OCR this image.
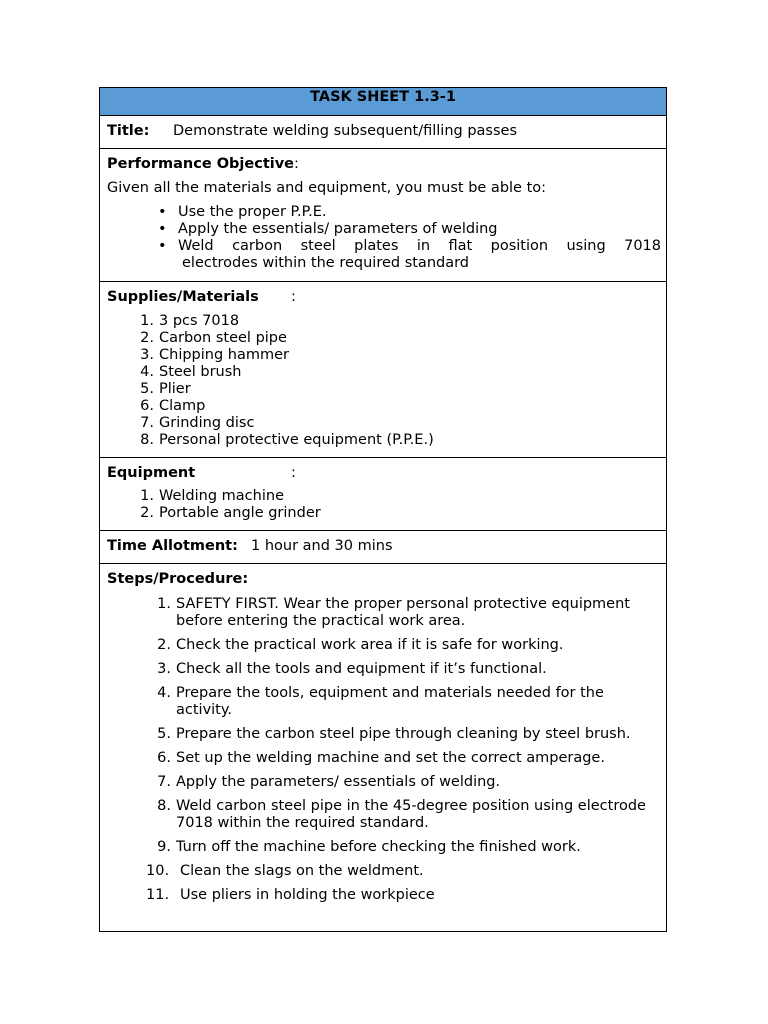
TASK SHEET 1.3-1
Title: Demonstrate welding subsequent/filling passes
Performance Objective:
Given all the materials and equipment, you must be able to:
• Use the proper P.P.E.
• Apply the essentials/ parameters of welding
• Weld carbon steel plates in flat position using 7018
electrodes within the required standard
Supplies/Materials :
1. 3 pcs 7018
2. Carbon steel pipe
3. Chipping hammer
4. Steel brush
5. Plier
6. Clamp
7. Grinding disc
8. Personal protective equipment (P.P.E.)
Equipment	:
1. Welding machine
2. Portable angle grinder
Time Allotment: 1 hour and 30 mins
Steps/Procedure:
1. SAFETY FIRST. Wear the proper personal protective equipment before entering the practical work area.
2. Check the practical work area if it is safe for working.
3. Check all the tools and equipment if it’s functional.
4. Prepare the tools, equipment and materials needed for the activity.
5. Prepare the carbon steel pipe through cleaning by steel brush.
6. Set up the welding machine and set the correct amperage.
7. Apply the parameters/ essentials of welding.
8. Weld carbon steel pipe in the 45-degree position using electrode 7018 within the required standard.
9. Turn off the machine before checking the finished work.
10. Clean the slags on the weldment.
11. Use pliers in holding the workpiece
